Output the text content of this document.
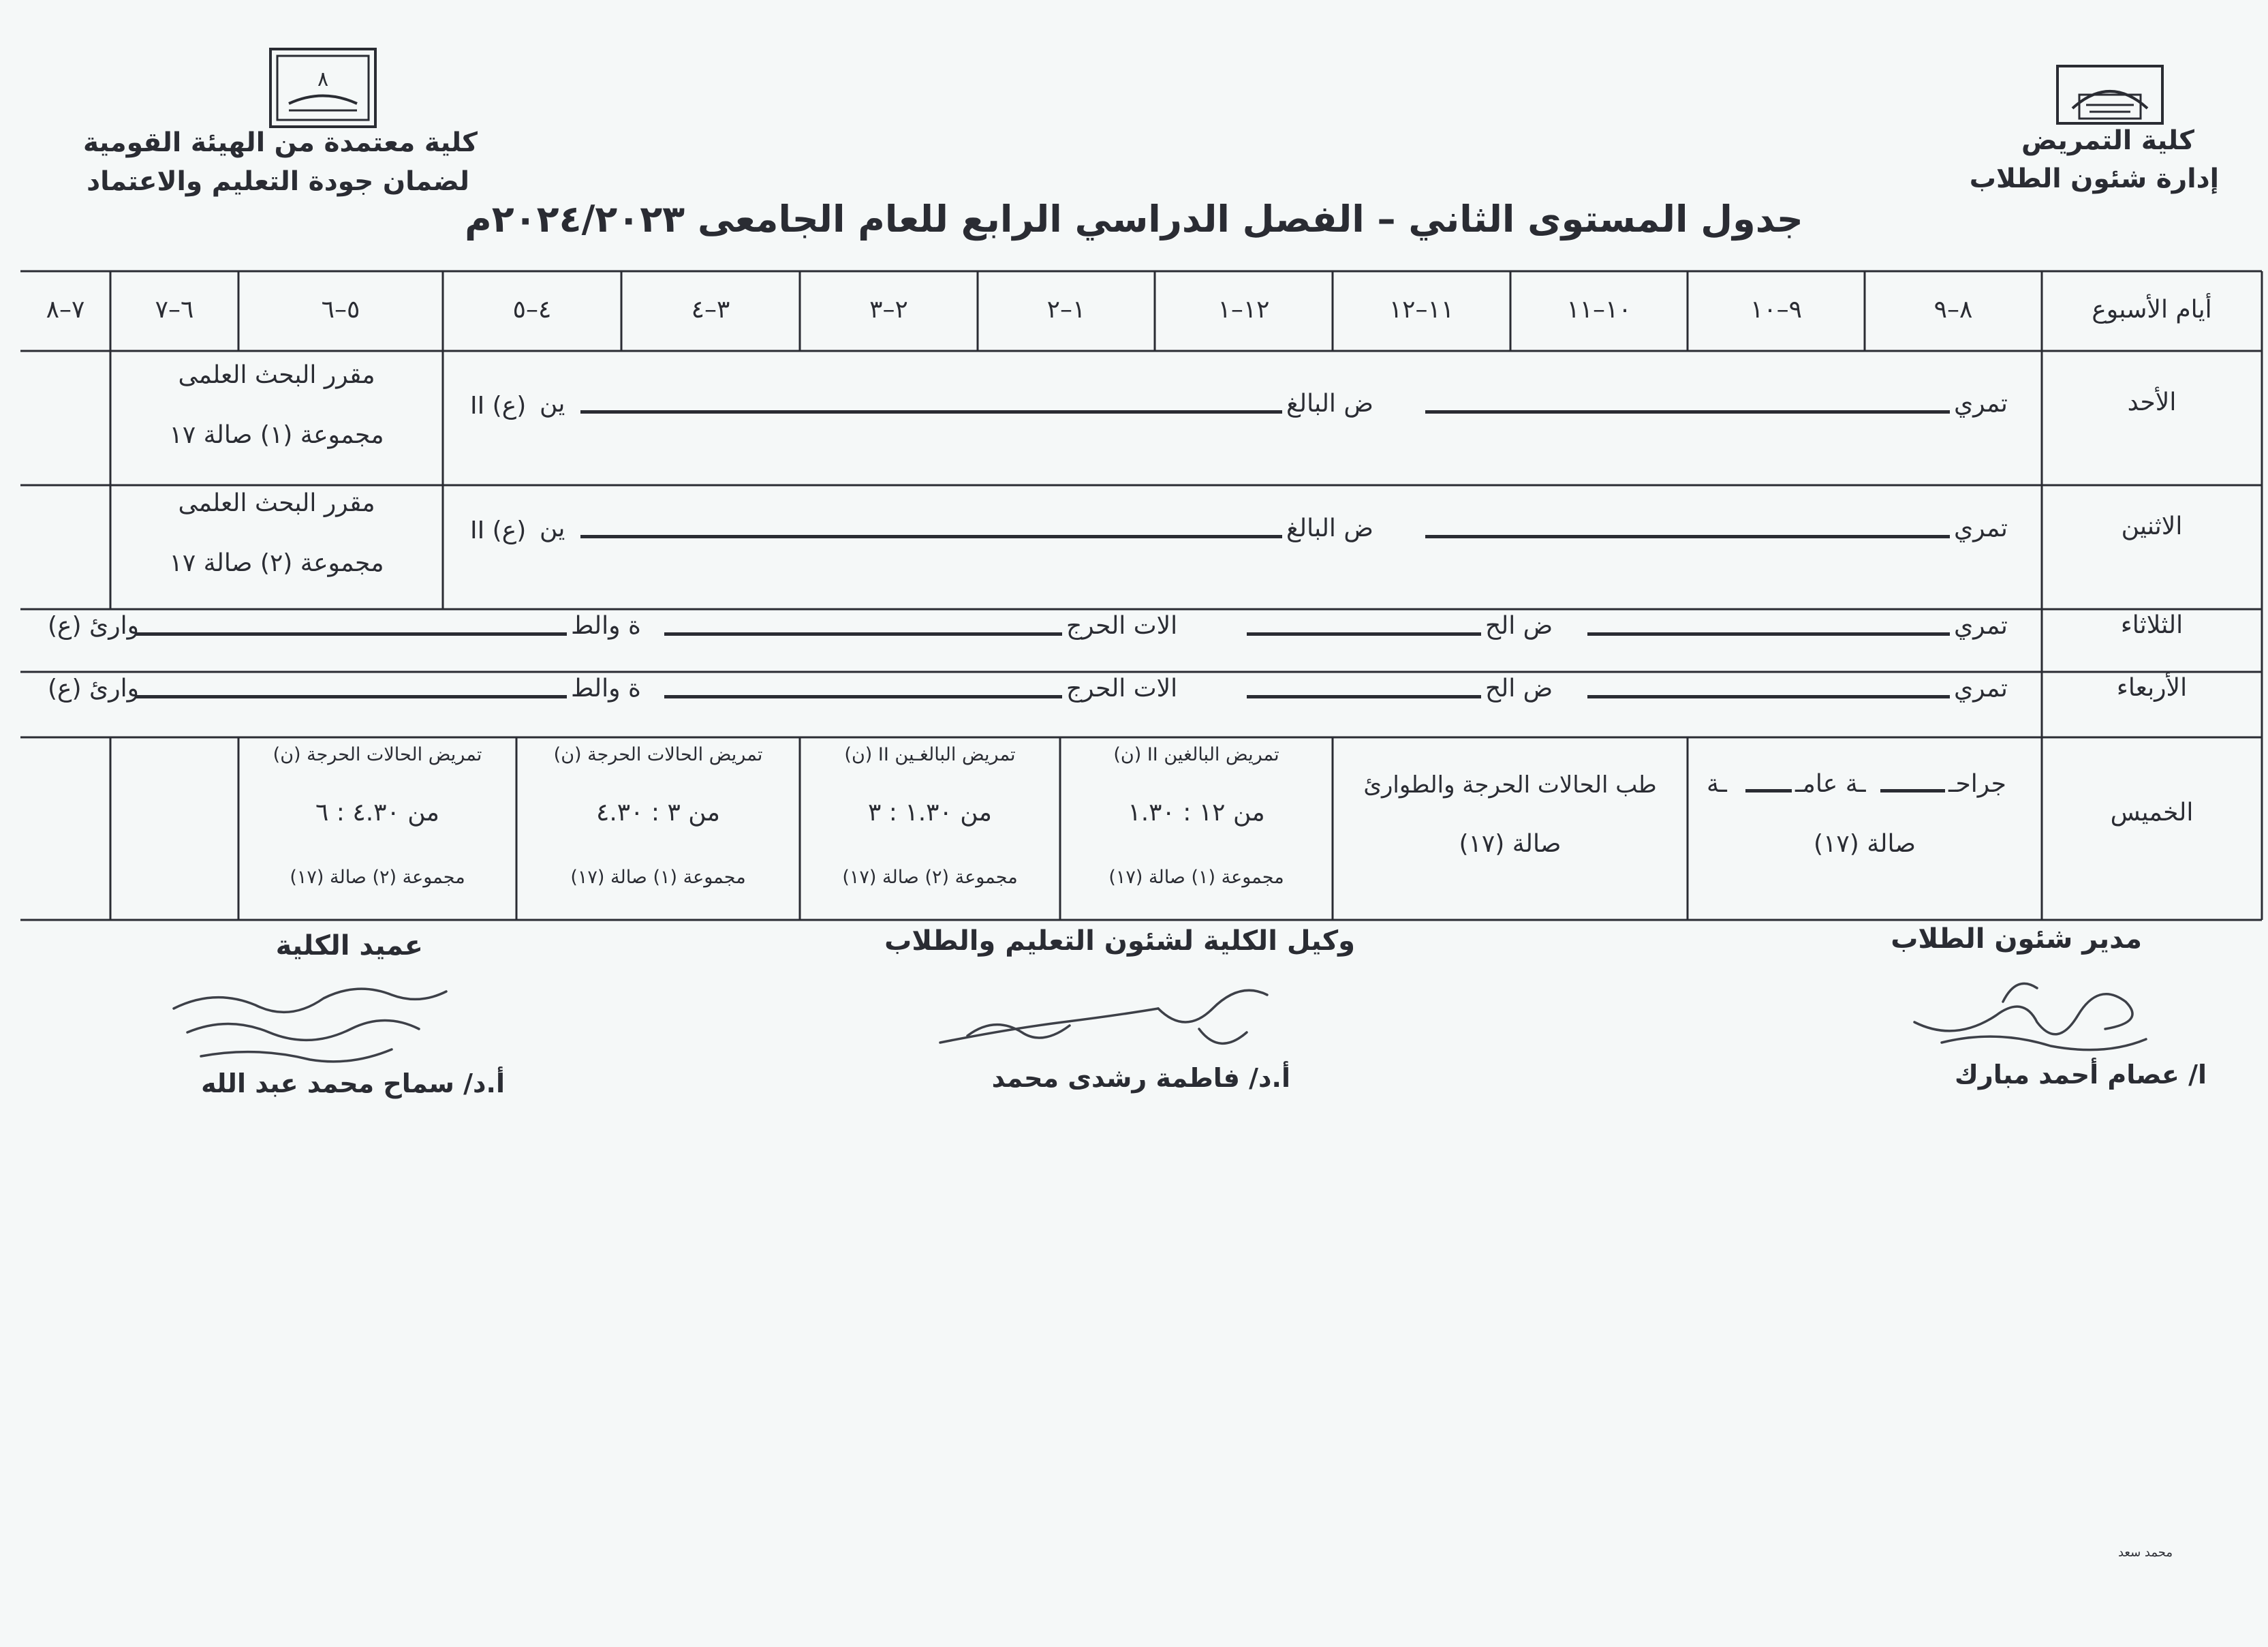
كلية التمريض
إدارة شئون الطلاب
٨
كلية معتمدة من الهيئة القومية
لضمان جودة التعليم والاعتماد
جدول المستوى الثاني – الفصل الدراسي الرابع للعام الجامعى ٢٠٢٤/٢٠٢٣م
أيام الأسبوع
٨–٩
٩–١٠
١٠–١١
١١–١٢
١٢–١
١–٢
٢–٣
٣–٤
٤–٥
٥–٦
٦–٧
٧–٨
الأحد
الاثنين
الثلاثاء
الأربعاء
الخميس
تمري
ض البالغ
ين
(ع) II
مقرر البحث العلمى
مجموعة (١) صالة ١٧
تمري
ض البالغ
ين
(ع) II
مقرر البحث العلمى
مجموعة (٢) صالة ١٧
تمري
ض الح
الات الحرج
ة والط
وارئ (ع)
تمري
ض الح
الات الحرج
ة والط
وارئ (ع)
جراحـ
ـة عامـ
ـة
صالة (١٧)
طب الحالات الحرجة والطوارئ
صالة (١٧)
تمريض البالغين II (ن)
من ١٢ : ١.٣٠
مجموعة (١) صالة (١٧)
تمريض البالغـين II (ن)
من ١.٣٠ : ٣
مجموعة (٢) صالة (١٧)
تمريض الحالات الحرجة (ن)
من ٣ : ٤.٣٠
مجموعة (١) صالة (١٧)
تمريض الحالات الحرجة (ن)
من ٤.٣٠ : ٦
مجموعة (٢) صالة (١٧)
مدير شئون الطلاب
وكيل الكلية لشئون التعليم والطلاب
عميد الكلية
ا/ عصام أحمد مبارك
أ.د/ فاطمة رشدى محمد
أ.د/ سماح محمد عبد الله
محمد سعد
